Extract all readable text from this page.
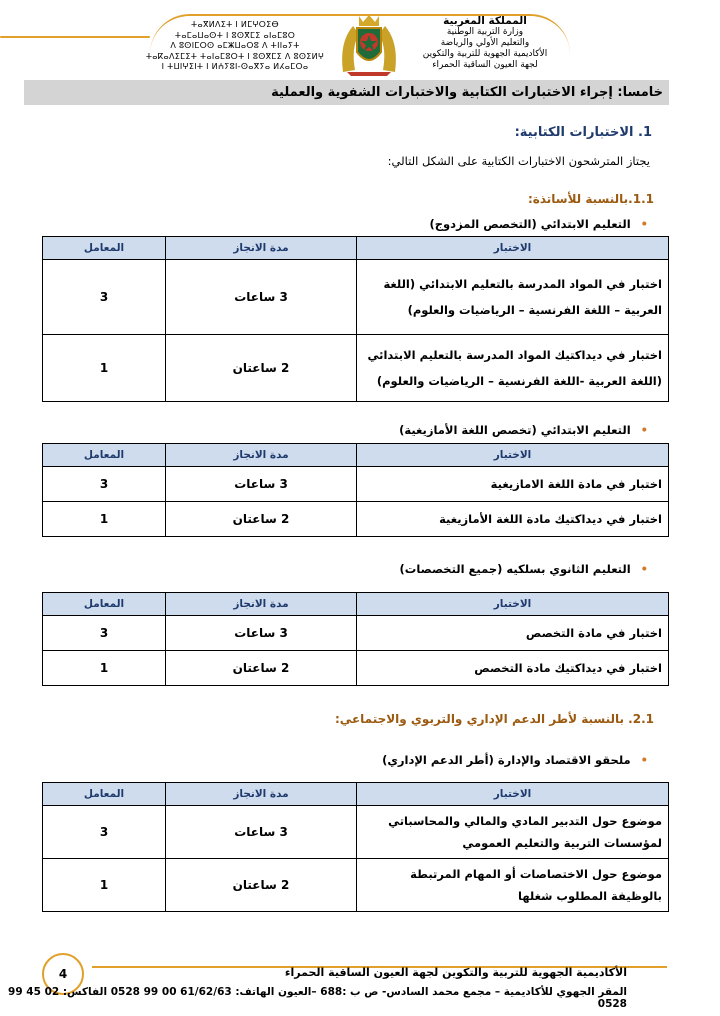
ⵜⴰⴳⵍⴷⵉⵜ ⵏ ⵍⵎⵖⵔⵉⴱ
ⵜⴰⵎⴰⵡⴰⵙⵜ ⵏ ⵓⵙⴳⵎⵉ ⴰⵏⴰⵎⵓⵔ
ⴷ ⵓⵙⵏⵎⵔⵙ ⴰⵎⵥⵡⴰⵔⵓ ⴷ ⵜⵏⵏⴰⵢⵜ
ⵜⴰⴽⴰⴷⵉⵎⵉⵜ ⵜⴰⵏⴰⵎⵓⵔⵜ ⵏ ⵓⵙⴳⵎⵉ ⴷ ⵓⵙⵉⵍⵖ
ⵏ ⵜⵡⵏⵖⵉⵏⵜ ⵏ ⵍⵄⵢⵓⵏ-ⵙⴰⴳⵢⴰ ⵍⵃⴰⵎⵔⴰ
المملكة المغربية
وزارة التربية الوطنية
والتعليم الأولي والرياضة
الأكاديمية الجهوية للتربية والتكوين
لجهة العيون الساقية الحمراء
خامسا: إجراء الاختبارات الكتابية والاختبارات الشفوية والعملية
1. الاختبارات الكتابية:
يجتاز المترشحون الاختبارات الكتابية على الشكل التالي:
1.1.بالنسبة للأساتذة:
•التعليم الابتدائي (التخصص المزدوج)
الاختبار	مدة الانجاز	المعامل
اختبار في المواد المدرسة بالتعليم الابتدائي (اللغة العربية – اللغة الفرنسية – الرياضيات والعلوم)	3 ساعات	3
اختبار في ديداكتيك المواد المدرسة بالتعليم الابتدائي (اللغة العربية -اللغة الفرنسية – الرياضيات والعلوم)	2 ساعتان	1
•التعليم الابتدائي (تخصص اللغة الأمازيغية)
الاختبار	مدة الانجاز	المعامل
اختبار في مادة اللغة الامازيغية	3 ساعات	3
اختبار في ديداكتيك مادة اللغة الأمازيغية	2 ساعتان	1
•التعليم الثانوي بسلكيه (جميع التخصصات)
الاختبار	مدة الانجاز	المعامل
اختبار في مادة التخصص	3 ساعات	3
اختبار في ديداكتيك مادة التخصص	2 ساعتان	1
2.1. بالنسبة لأطر الدعم الإداري والتربوي والاجتماعي:
•ملحقو الاقتصاد والإدارة (أطر الدعم الإداري)
الاختبار	مدة الانجاز	المعامل
موضوع حول التدبير المادي والمالي والمحاسباتي لمؤسسات التربية والتعليم العمومي	3 ساعات	3
موضوع حول الاختصاصات أو المهام المرتبطة بالوظيفة المطلوب شغلها	2 ساعتان	1
4	الأكاديمية الجهوية للتربية والتكوين لجهة العيون الساقية الحمراء
المقر الجهوي للأكاديمية – مجمع محمد السادس- ص ب :688 –العيون الهاتف: 61/62/63 00 99 0528 الفاكس: 02 45 99 0528
